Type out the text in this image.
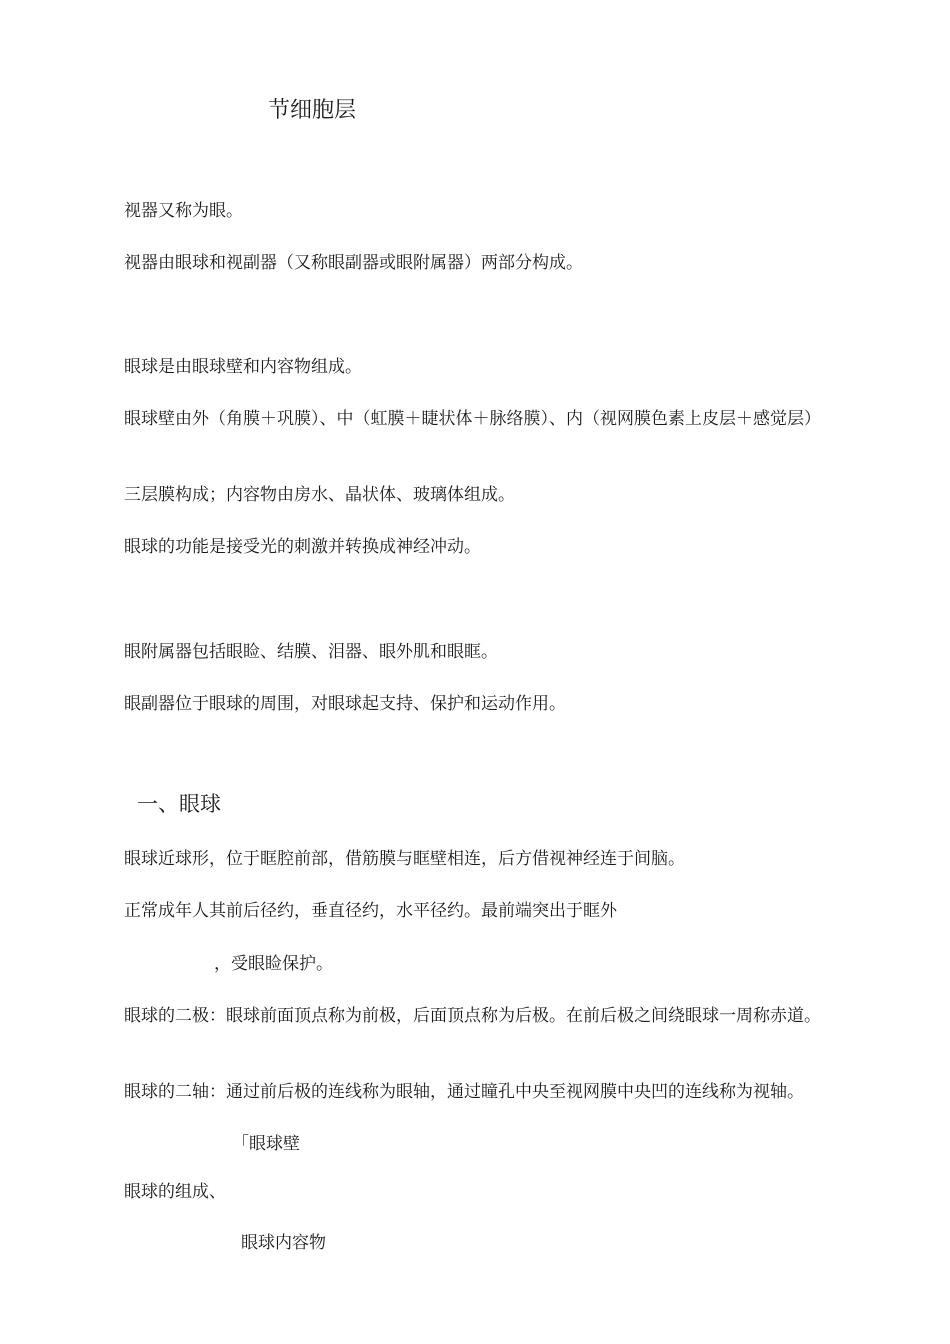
节细胞层

视器又称为眼。

视器由眼球和视副器（又称眼副器或眼附属器）两部分构成。

眼球是由眼球壁和内容物组成。

眼球壁由外（角膜＋巩膜）、中（虹膜＋睫状体＋脉络膜）、内（视网膜色素上皮层＋感觉层）

三层膜构成；内容物由房水、晶状体、玻璃体组成。

眼球的功能是接受光的刺激并转换成神经冲动。

眼附属器包括眼睑、结膜、泪器、眼外肌和眼眶。

眼副器位于眼球的周围，对眼球起支持、保护和运动作用。

一、眼球

眼球近球形，位于眶腔前部，借筋膜与眶壁相连，后方借视神经连于间脑。

正常成年人其前后径约，垂直径约，水平径约。最前端突出于眶外

，受眼睑保护。

眼球的二极：眼球前面顶点称为前极，后面顶点称为后极。在前后极之间绕眼球一周称赤道。

眼球的二轴：通过前后极的连线称为眼轴，通过瞳孔中央至视网膜中央凹的连线称为视轴。

「眼球壁

眼球的组成、

眼球内容物
